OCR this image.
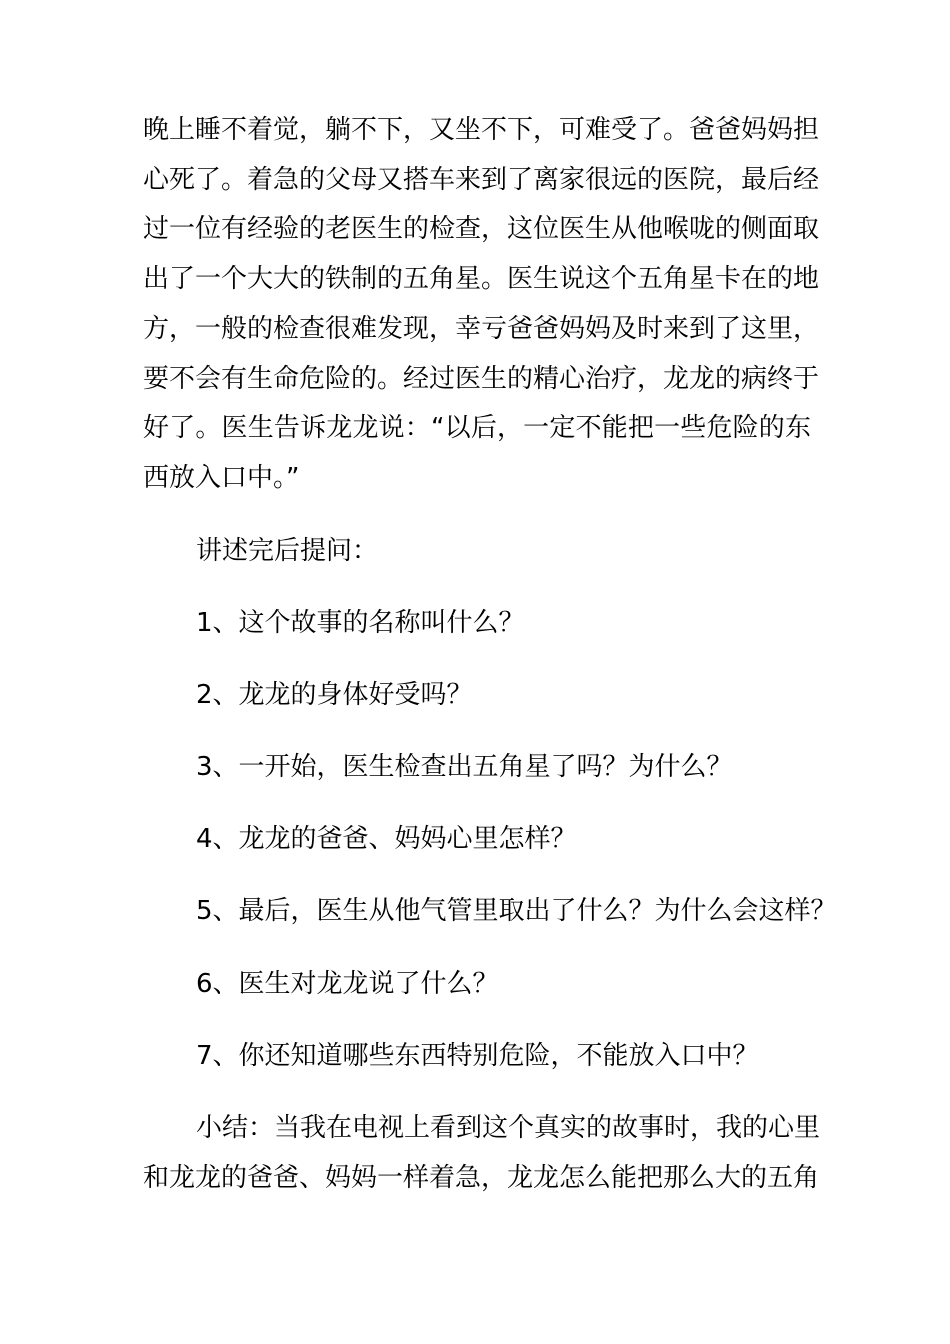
晚上睡不着觉，躺不下，又坐不下，可难受了。爸爸妈妈担
心死了。着急的父母又搭车来到了离家很远的医院，最后经
过一位有经验的老医生的检查，这位医生从他喉咙的侧面取
出了一个大大的铁制的五角星。医生说这个五角星卡在的地
方，一般的检查很难发现，幸亏爸爸妈妈及时来到了这里，
要不会有生命危险的。经过医生的精心治疗，龙龙的病终于
好了。医生告诉龙龙说：“以后，一定不能把一些危险的东
西放入口中。”
讲述完后提问：
1、这个故事的名称叫什么？
2、龙龙的身体好受吗？
3、一开始，医生检查出五角星了吗？为什么？
4、龙龙的爸爸、妈妈心里怎样？
5、最后，医生从他气管里取出了什么？为什么会这样？
6、医生对龙龙说了什么？
7、你还知道哪些东西特别危险，不能放入口中？
小结：当我在电视上看到这个真实的故事时，我的心里
和龙龙的爸爸、妈妈一样着急，龙龙怎么能把那么大的五角
